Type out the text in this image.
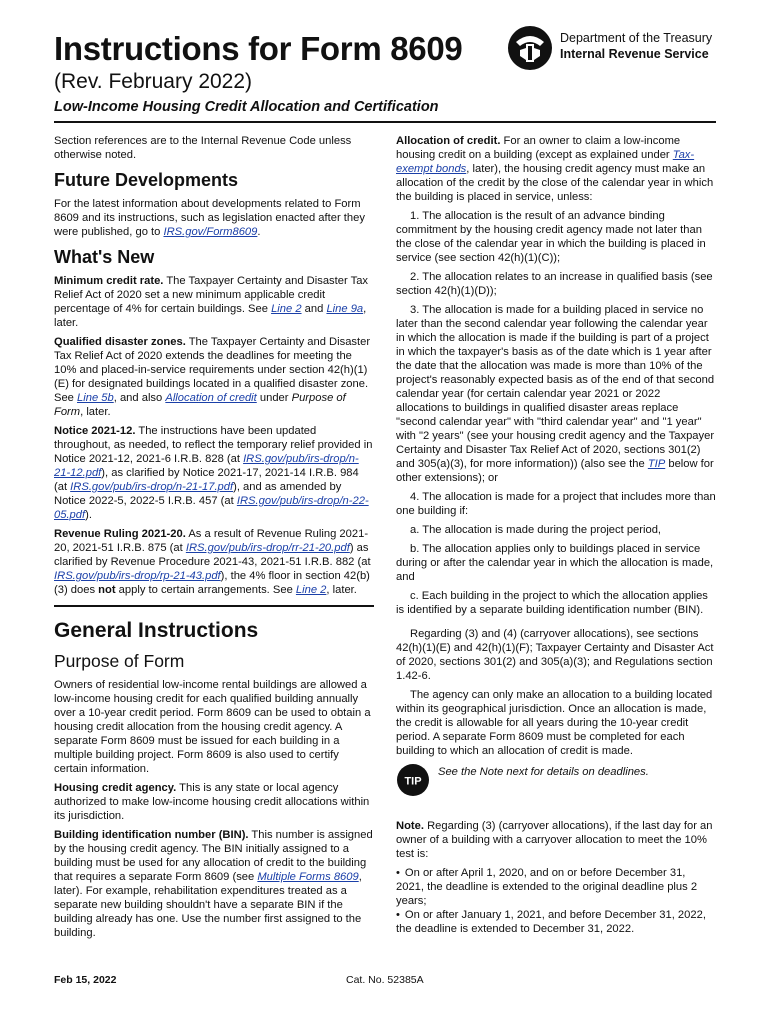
Instructions for Form 8609
(Rev. February 2022)
Low-Income Housing Credit Allocation and Certification
Department of the Treasury
Internal Revenue Service

Section references are to the Internal Revenue Code unless otherwise noted.

Future Developments

For the latest information about developments related to Form 8609 and its instructions, such as legislation enacted after they were published, go to IRS.gov/Form8609.

What's New

Minimum credit rate. The Taxpayer Certainty and Disaster Tax Relief Act of 2020 set a new minimum applicable credit percentage of 4% for certain buildings. See Line 2 and Line 9a, later.

Qualified disaster zones. The Taxpayer Certainty and Disaster Tax Relief Act of 2020 extends the deadlines for meeting the 10% and placed-in-service requirements under section 42(h)(1)(E) for designated buildings located in a qualified disaster zone. See Line 5b, and also Allocation of credit under Purpose of Form, later.

Notice 2021-12. The instructions have been updated throughout, as needed, to reflect the temporary relief provided in Notice 2021-12, 2021-6 I.R.B. 828 (at IRS.gov/pub/irs-drop/n-21-12.pdf), as clarified by Notice 2021-17, 2021-14 I.R.B. 984 (at IRS.gov/pub/irs-drop/n-21-17.pdf), and as amended by Notice 2022-5, 2022-5 I.R.B. 457 (at IRS.gov/pub/irs-drop/n-22-05.pdf).

Revenue Ruling 2021-20. As a result of Revenue Ruling 2021-20, 2021-51 I.R.B. 875 (at IRS.gov/pub/irs-drop/rr-21-20.pdf) as clarified by Revenue Procedure 2021-43, 2021-51 I.R.B. 882 (at IRS.gov/pub/irs-drop/rp-21-43.pdf), the 4% floor in section 42(b)(3) does not apply to certain arrangements. See Line 2, later.

General Instructions
Purpose of Form

Owners of residential low-income rental buildings are allowed a low-income housing credit for each qualified building annually over a 10-year credit period. Form 8609 can be used to obtain a housing credit allocation from the housing credit agency. A separate Form 8609 must be issued for each building in a multiple building project. Form 8609 is also used to certify certain information.

Housing credit agency. This is any state or local agency authorized to make low-income housing credit allocations within its jurisdiction.

Building identification number (BIN). This number is assigned by the housing credit agency. The BIN initially assigned to a building must be used for any allocation of credit to the building that requires a separate Form 8609 (see Multiple Forms 8609, later). For example, rehabilitation expenditures treated as a separate new building shouldn't have a separate BIN if the building already has one. Use the number first assigned to the building.

Allocation of credit. For an owner to claim a low-income housing credit on a building (except as explained under Tax-exempt bonds, later), the housing credit agency must make an allocation of the credit by the close of the calendar year in which the building is placed in service, unless:

1. The allocation is the result of an advance binding commitment by the housing credit agency made not later than the close of the calendar year in which the building is placed in service (see section 42(h)(1)(C));

2. The allocation relates to an increase in qualified basis (see section 42(h)(1)(D));

3. The allocation is made for a building placed in service no later than the second calendar year following the calendar year in which the allocation is made if the building is part of a project in which the taxpayer's basis as of the date which is 1 year after the date that the allocation was made is more than 10% of the project's reasonably expected basis as of the end of that second calendar year (for certain calendar year 2021 or 2022 allocations to buildings in qualified disaster areas replace "second calendar year" with "third calendar year" and "1 year" with "2 years" (see your housing credit agency and the Taxpayer Certainty and Disaster Tax Relief Act of 2020, sections 301(2) and 305(a)(3), for more information)) (also see the TIP below for other extensions); or

4. The allocation is made for a project that includes more than one building if:

a. The allocation is made during the project period,

b. The allocation applies only to buildings placed in service during or after the calendar year in which the allocation is made, and

c. Each building in the project to which the allocation applies is identified by a separate building identification number (BIN).

Regarding (3) and (4) (carryover allocations), see sections 42(h)(1)(E) and 42(h)(1)(F); Taxpayer Certainty and Disaster Act of 2020, sections 301(2) and 305(a)(3); and Regulations section 1.42-6.

The agency can only make an allocation to a building located within its geographical jurisdiction. Once an allocation is made, the credit is allowable for all years during the 10-year credit period. A separate Form 8609 must be completed for each building to which an allocation of credit is made.

TIP
See the Note next for details on deadlines.

Note. Regarding (3) (carryover allocations), if the last day for an owner of a building with a carryover allocation to meet the 10% test is:

• On or after April 1, 2020, and on or before December 31, 2021, the deadline is extended to the original deadline plus 2 years;

• On or after January 1, 2021, and before December 31, 2022, the deadline is extended to December 31, 2022.

Feb 15, 2022	Cat. No. 52385A
